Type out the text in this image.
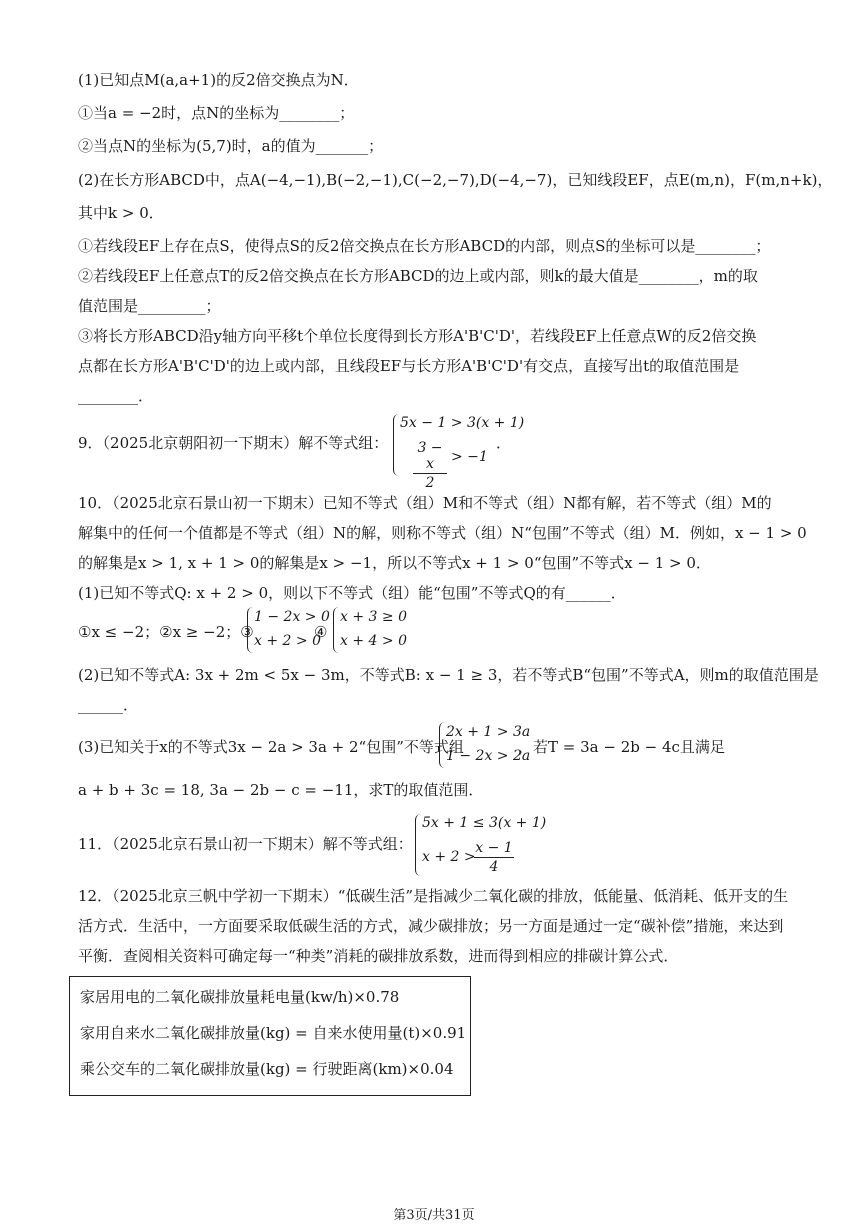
(1)已知点M(a,a+1)的反2倍交换点为N．
①当a = −2时，点N的坐标为________；
②当点N的坐标为(5,7)时，a的值为_______；
(2)在长方形ABCD中，点A(−4,−1),B(−2,−1),C(−2,−7),D(−4,−7)，已知线段EF，点E(m,n)，F(m,n+k)，
其中k > 0．
①若线段EF上存在点S，使得点S的反2倍交换点在长方形ABCD的内部，则点S的坐标可以是________；
②若线段EF上任意点T的反2倍交换点在长方形ABCD的边上或内部，则k的最大值是________，m的取
值范围是_________；
③将长方形ABCD沿y轴方向平移t个单位长度得到长方形A'B'C'D'，若线段EF上任意点W的反2倍交换
点都在长方形A'B'C'D'的边上或内部，且线段EF与长方形A'B'C'D'有交点，直接写出t的取值范围是
________．
9．（2025北京朝阳初一下期末）解不等式组：
5x − 1 > 3(x + 1)
3 − x
2
> −1
．
10．（2025北京石景山初一下期末）已知不等式（组）M和不等式（组）N都有解，若不等式（组）M的
解集中的任何一个值都是不等式（组）N的解，则称不等式（组）N“包围”不等式（组）M．例如，x − 1 > 0
的解集是x > 1, x + 1 > 0的解集是x > −1，所以不等式x + 1 > 0“包围”不等式x − 1 > 0．
(1)已知不等式Q: x + 2 > 0，则以下不等式（组）能“包围”不等式Q的有______．
①x ≤ −2；②x ≥ −2；③
1 − 2x > 0
x + 2 > 0
④
x + 3 ≥ 0
x + 4 > 0
(2)已知不等式A: 3x + 2m < 5x − 3m，不等式B: x − 1 ≥ 3，若不等式B“包围”不等式A，则m的取值范围是
______．
(3)已知关于x的不等式3x − 2a > 3a + 2“包围”不等式组
2x + 1 > 3a
1 − 2x > 2a
，若T = 3a − 2b − 4c且满足
a + b + 3c = 18, 3a − 2b − c = −11，求T的取值范围．
11．（2025北京石景山初一下期末）解不等式组：
5x + 1 ≤ 3(x + 1)
x + 2 >
x − 1
4
12．（2025北京三帆中学初一下期末）“低碳生活”是指减少二氧化碳的排放，低能量、低消耗、低开支的生
活方式．生活中，一方面要采取低碳生活的方式，减少碳排放；另一方面是通过一定“碳补偿”措施，来达到
平衡．查阅相关资料可确定每一“种类”消耗的碳排放系数，进而得到相应的排碳计算公式．
家居用电的二氧化碳排放量耗电量(kw/h)×0.78
家用自来水二氧化碳排放量(kg) = 自来水使用量(t)×0.91
乘公交车的二氧化碳排放量(kg) = 行驶距离(km)×0.04
第3页/共31页
